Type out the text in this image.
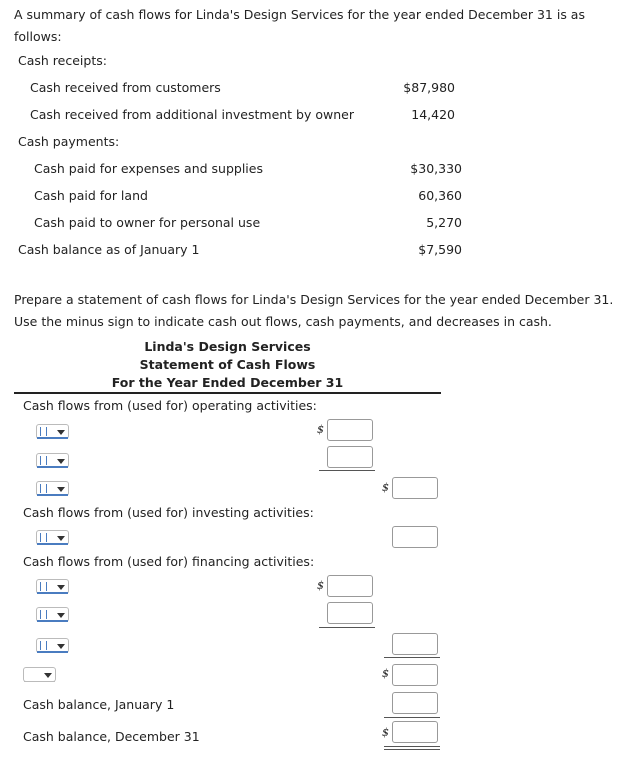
A summary of cash flows for Linda's Design Services for the year ended December 31 is as follows:
Cash receipts:
Cash received from customers	$87,980
Cash received from additional investment by owner	14,420
Cash payments:
Cash paid for expenses and supplies	$30,330
Cash paid for land	60,360
Cash paid to owner for personal use	5,270
Cash balance as of January 1	$7,590
Prepare a statement of cash flows for Linda's Design Services for the year ended December 31.
Use the minus sign to indicate cash out flows, cash payments, and decreases in cash.
Linda's Design Services
Statement of Cash Flows
For the Year Ended December 31
Cash flows from (used for) operating activities:
$
$
Cash flows from (used for) investing activities:
Cash flows from (used for) financing activities:
$
$
Cash balance, January 1
Cash balance, December 31	$
